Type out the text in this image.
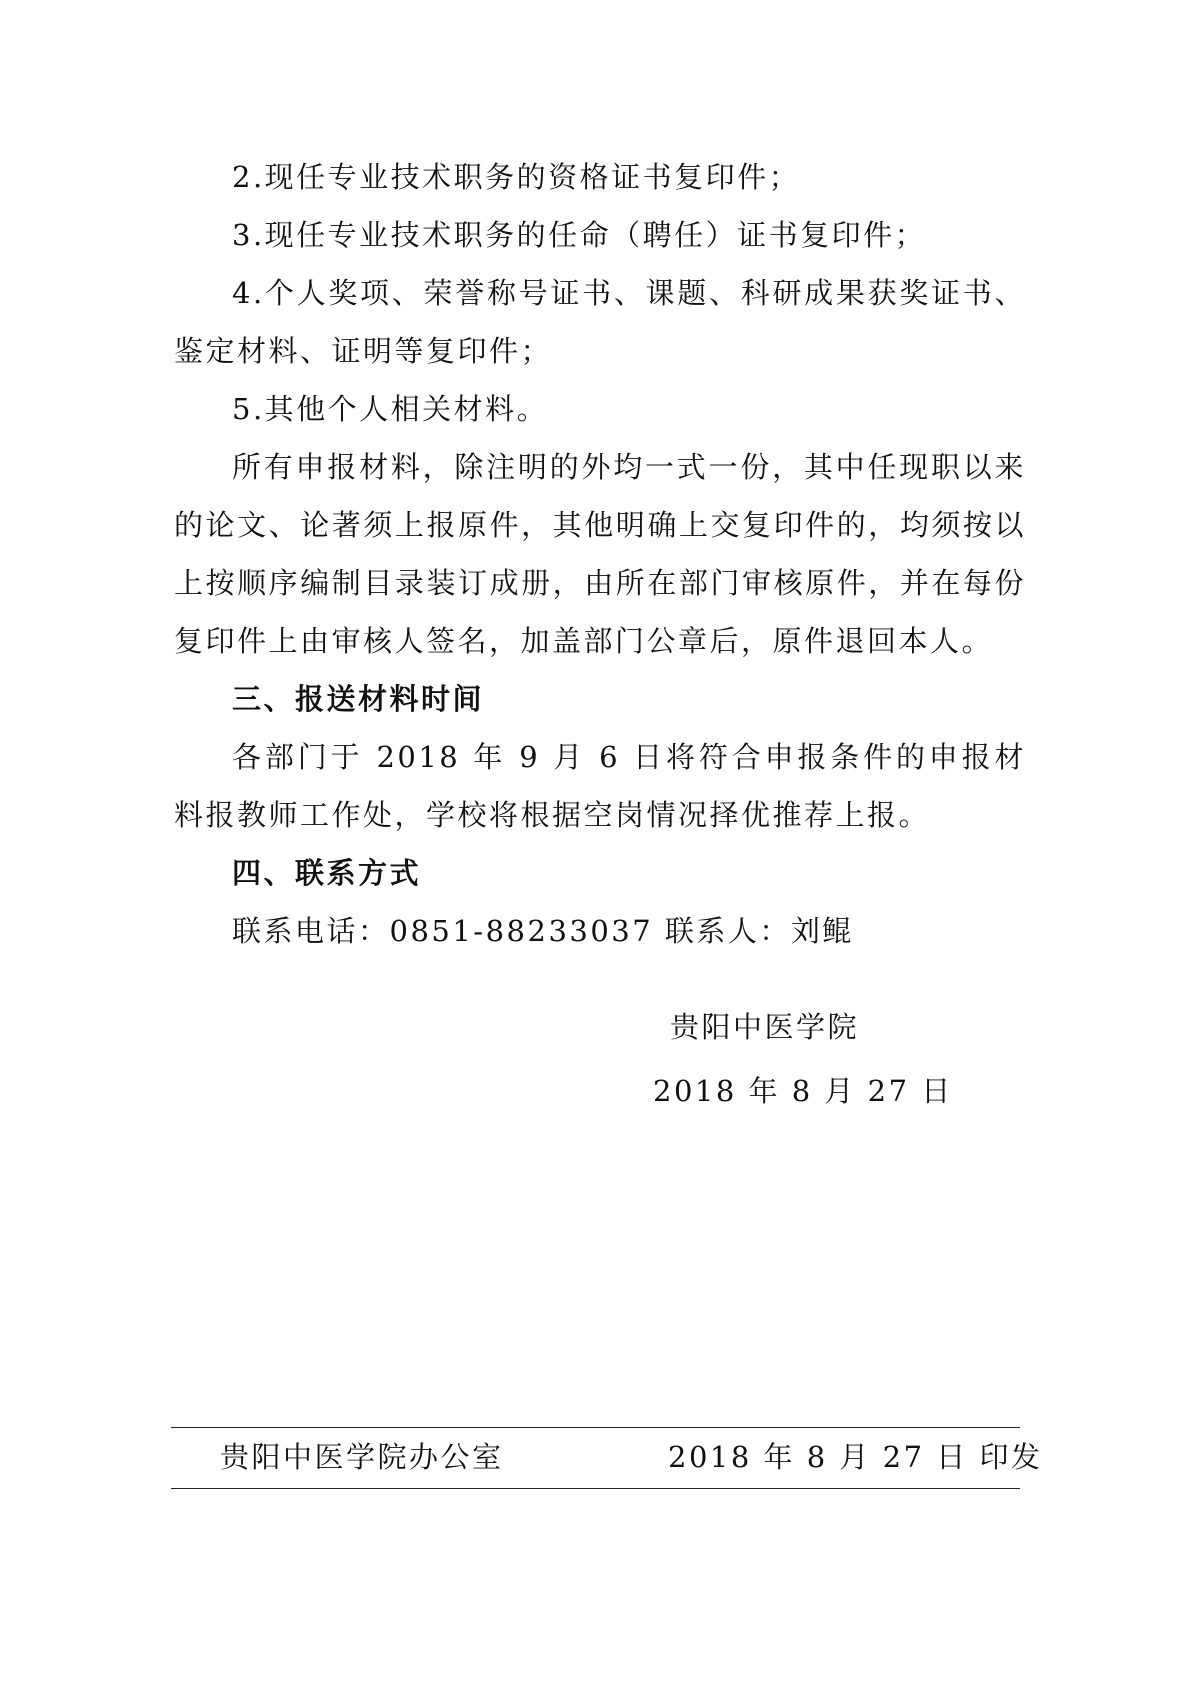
2.现任专业技术职务的资格证书复印件；

3.现任专业技术职务的任命（聘任）证书复印件；

4.个人奖项、荣誉称号证书、课题、科研成果获奖证书、鉴定材料、证明等复印件；

5.其他个人相关材料。

所有申报材料，除注明的外均一式一份，其中任现职以来的论文、论著须上报原件，其他明确上交复印件的，均须按以上按顺序编制目录装订成册，由所在部门审核原件，并在每份复印件上由审核人签名，加盖部门公章后，原件退回本人。

三、报送材料时间

各部门于 2018 年 9 月 6 日将符合申报条件的申报材料报教师工作处，学校将根据空岗情况择优推荐上报。

四、联系方式

联系电话：0851-88233037 联系人：刘鲲

贵阳中医学院
2018 年 8 月 27 日
贵阳中医学院办公室	2018 年 8 月 27 日 印发
